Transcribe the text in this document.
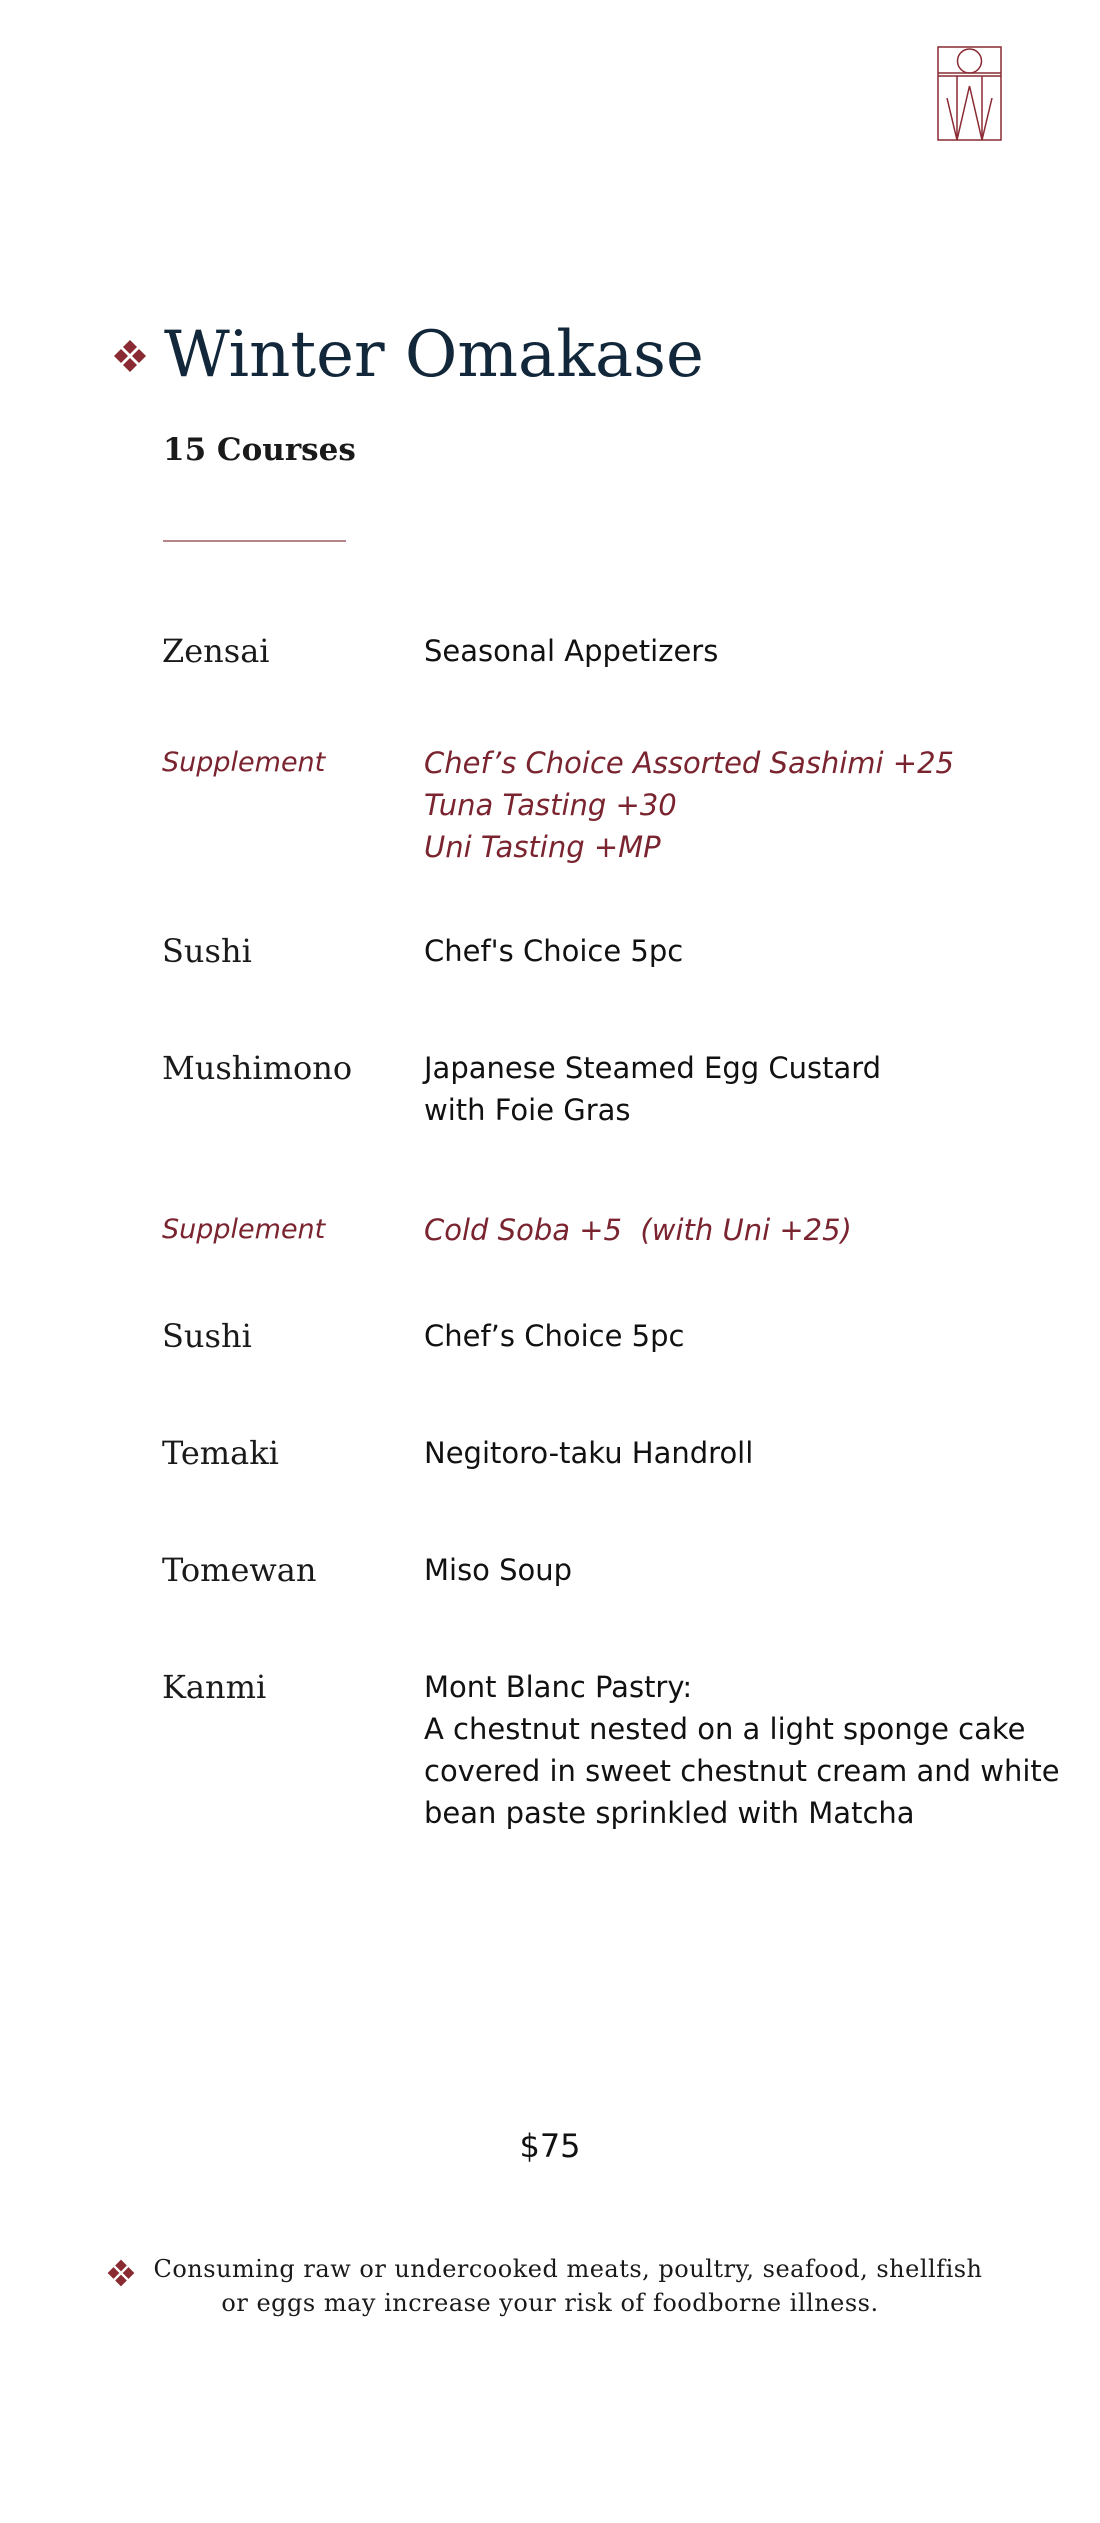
Winter Omakase
15 Courses
Zensai	Seasonal Appetizers
Supplement	Chef’s Choice Assorted Sashimi +25
Tuna Tasting +30
Uni Tasting +MP
Sushi	Chef's Choice 5pc
Mushimono	Japanese Steamed Egg Custard
with Foie Gras
Supplement	Cold Soba +5  (with Uni +25)
Sushi	Chef’s Choice 5pc
Temaki	Negitoro-taku Handroll
Tomewan	Miso Soup
Kanmi	Mont Blanc Pastry:
A chestnut nested on a light sponge cake
covered in sweet chestnut cream and white
bean paste sprinkled with Matcha
$75
Consuming raw or undercooked meats, poultry, seafood, shellfish
or eggs may increase your risk of foodborne illness.
